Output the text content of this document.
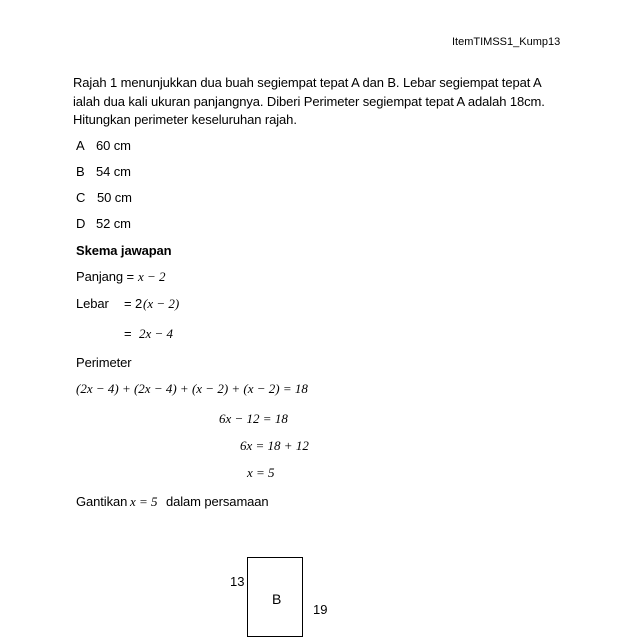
ItemTIMSS1_Kump13
Rajah 1 menunjukkan dua buah segiempat tepat A dan B. Lebar segiempat tepat A
ialah dua kali ukuran panjangnya. Diberi Perimeter segiempat tepat A adalah 18cm.
Hitungkan perimeter keseluruhan rajah.
A 60 cm
B 54 cm
C 50 cm
D 52 cm
Skema jawapan
Panjang = x − 2
Lebar = 2 (x − 2)
= 2x − 4
Perimeter
(2x − 4) + (2x − 4) + (x − 2) + (x − 2) = 18
6x − 12 = 18
6x = 18 + 12
x = 5
Gantikan x = 5 dalam persamaan
13
B
19
